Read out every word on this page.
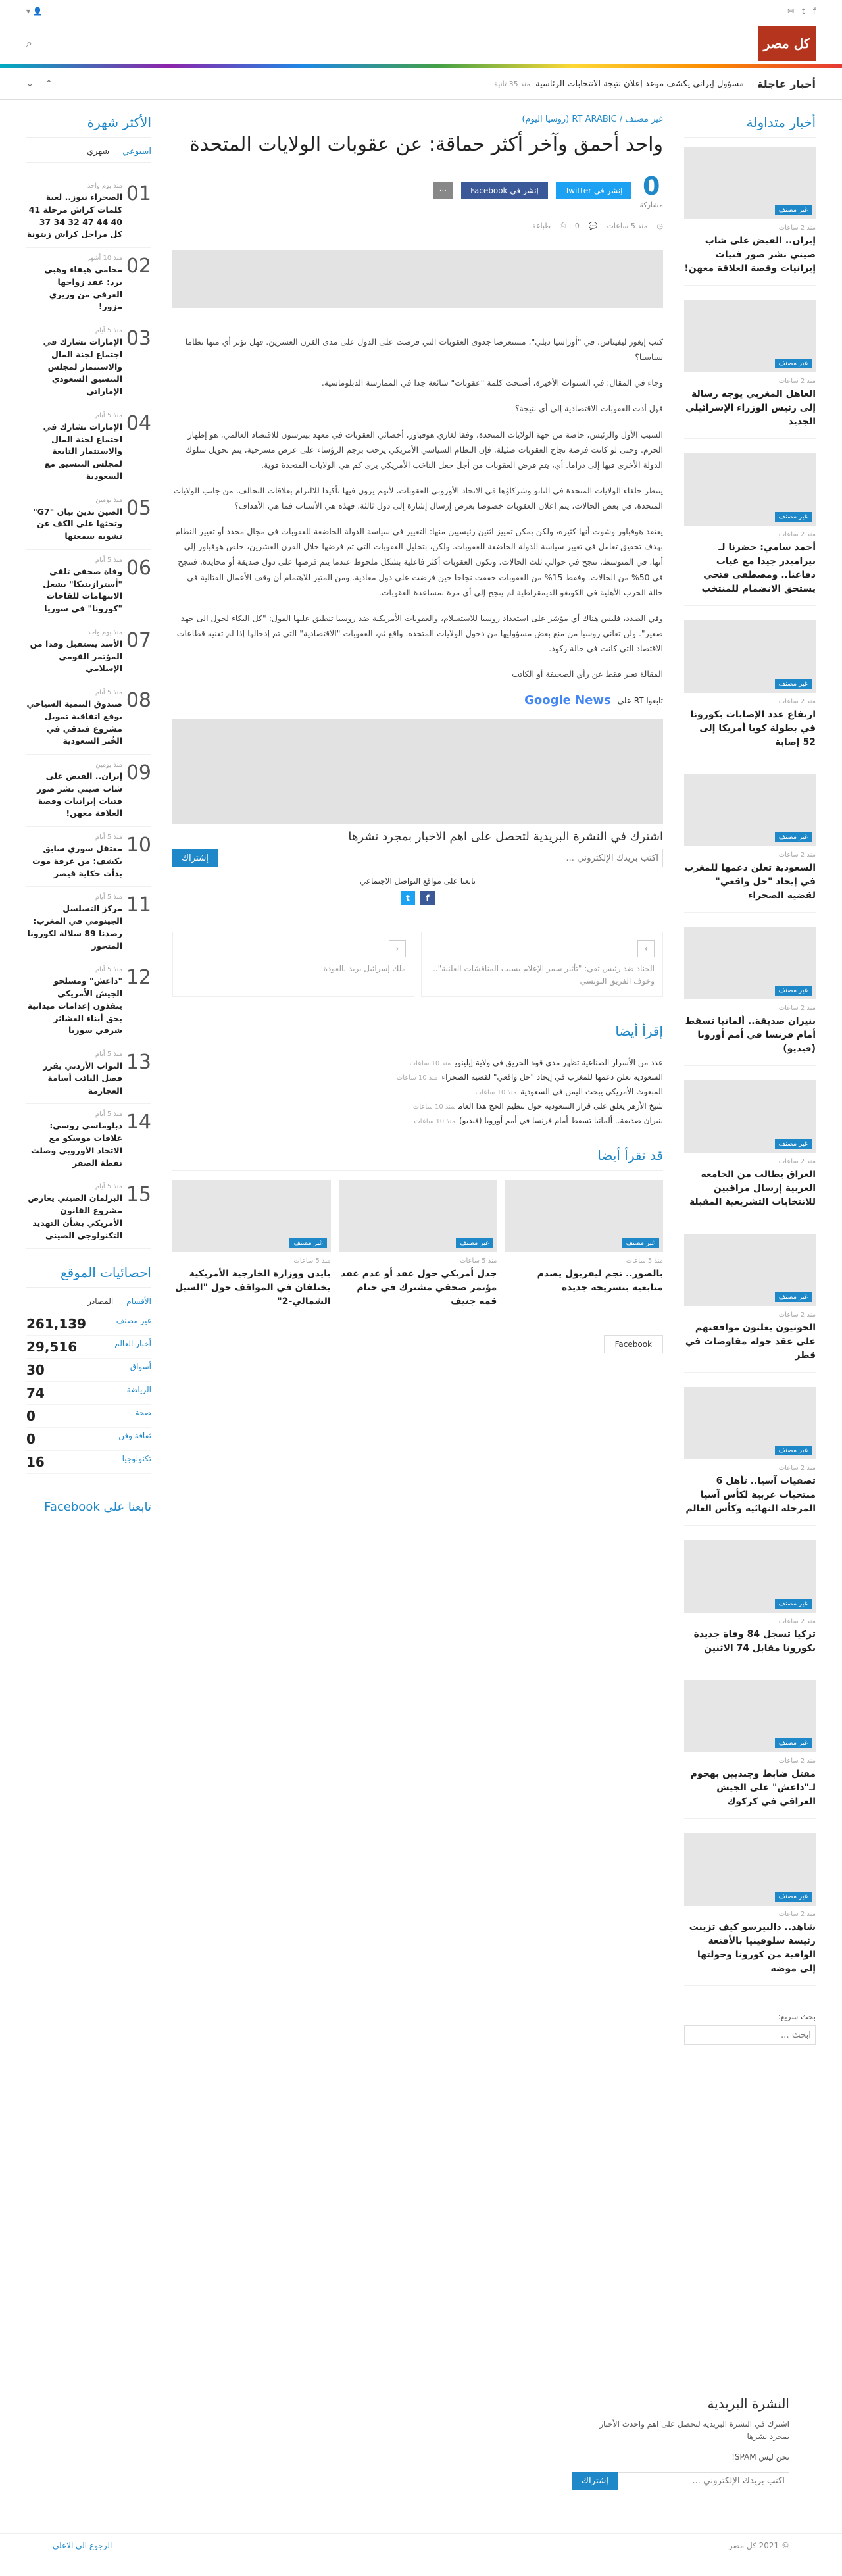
f
t
✉
👤 ▾
كل مصر
⌕
أخبار عاجلة
مسؤول إيراني يكشف موعد إعلان نتيجة الانتخابات الرئاسيةمنذ 35 ثانية
⌃
⌄
أخبار متداولة
غير مصنف
منذ 2 ساعات
إيران.. القبض على شاب صيني نشر صور فتيات إيرانيات وقصة العلاقة معهن!
غير مصنف
منذ 2 ساعات
العاهل المغربي يوجه رسالة إلى رئيس الوزراء الإسرائيلي الجديد
غير مصنف
منذ 2 ساعات
أحمد سامي: حضرنا لـ بيراميدز جيدا مع غياب دفاعنا.. ومصطفى فتحي يستحق الانضمام للمنتخب
غير مصنف
منذ 2 ساعات
ارتفاع عدد الإصابات بكورونا في بطولة كوبا أمريكا إلى 52 إصابة
غير مصنف
منذ 2 ساعات
السعودية تعلن دعمها للمغرب في إيجاد "حل واقعي" لقضية الصحراء
غير مصنف
منذ 2 ساعات
بنيران صديقة.. ألمانيا تسقط أمام فرنسا في أمم أوروبا (فيديو)
غير مصنف
منذ 2 ساعات
العراق يطالب من الجامعة العربية إرسال مراقبين للانتخابات التشريعية المقبلة
غير مصنف
منذ 2 ساعات
الحوثيون يعلنون موافقتهم على عقد جولة مفاوضات في قطر
غير مصنف
منذ 2 ساعات
تصفيات آسيا.. تأهل 6 منتخبات عربية لكأس آسيا المرحلة النهائية وكأس العالم
غير مصنف
منذ 2 ساعات
تركيا تسجل 84 وفاة جديدة بكورونا مقابل 74 الاثنين
غير مصنف
منذ 2 ساعات
مقتل ضابط وجنديين بهجوم لـ"داعش" على الجيش العراقي في كركوك
غير مصنف
منذ 2 ساعات
شاهد.. دالبيرسو كيف تزينت رئيسة سلوفينيا بالأقنعة الواقية من كورونا وحولتها إلى موضة
بحث سريع:
ابحث ...
غير مصنف / RT ARABIC (روسيا اليوم)
واحد أحمق وآخر أكثر حماقة: عن عقوبات الولايات المتحدة
0
مشاركة
إنشر في Twitter
إنشر في Facebook
···
◷
منذ 5 ساعات
💬
0
⎙
طباعة

كتب إيغور ليفيتاس، في "أوراسيا دبلي"، مستعرضا جدوى العقوبات التي فرضت على الدول على مدى القرن العشرين. فهل تؤثر أي منها نظاما سياسيا؟

وجاء في المقال: في السنوات الأخيرة، أصبحت كلمة "عقوبات" شائعة جدا في الممارسة الدبلوماسية.

فهل أدت العقوبات الاقتصادية إلى أي نتيجة؟

السبب الأول والرئيس، خاصة من جهة الولايات المتحدة، وفقا لغاري هوفباور، أخصائي العقوبات في معهد بيترسون للاقتصاد العالمي، هو إظهار الحزم. وحتى لو كانت فرصة نجاح العقوبات ضئيلة، فإن النظام السياسي الأمريكي يرحب برجم الرؤساء على عرض مسرحية، يتم تحويل سلوك الدولة الأخرى فيها إلى دراما. أي، يتم فرض العقوبات من أجل جعل الناخب الأمريكي يرى كم هي الولايات المتحدة قوية.

ينتظر حلفاء الولايات المتحدة في الناتو وشركاؤها في الاتحاد الأوروبي العقوبات، لأنهم يرون فيها تأكيدا للالتزام بعلاقات التحالف، من جانب الولايات المتحدة. في بعض الحالات، يتم اعلان العقوبات خصوصا بعرض إرسال إشارة إلى دول ثالثة. فهذه هي الأسباب فما هي الأهداف؟

يعتقد هوفباور وشوت أنها كثيرة، ولكن يمكن تمييز اثنين رئيسيين منها: التغيير في سياسة الدولة الخاضعة للعقوبات في مجال محدد أو تغيير النظام بهدف تحقيق تعامل في تغيير سياسة الدولة الخاضعة للعقوبات. ولكن، بتحليل العقوبات التي تم فرضها خلال القرن العشرين، خلص هوفباور إلى أنها، في المتوسط، تنجح في حوالي ثلث الحالات. وتكون العقوبات أكثر فاعلية بشكل ملحوظ عندما يتم فرضها على دول صديقة أو محايدة، فتنجح في 50% من الحالات. وفقط 15% من العقوبات حققت نجاحا حين فرضت على دول معادية. ومن المتبر للاهتمام أن وقف الأعمال القتالية في حالة الحرب الأهلية في الكونغو الديمقراطية لم ينجح إلى أي مرة بمساعدة العقوبات.

وفي الصدد، فليس هناك أي مؤشر على استعداد روسيا للاستسلام، والعقوبات الأمريكية ضد روسيا تنطبق عليها القول: "كل البكاء لحول الى جهد صغير". ولن تعاني روسيا من منع بعض مسؤوليها من دخول الولايات المتحدة. واقع ثم، العقوبات "الاقتصادية" التي تم إدخالها إذا لم تعنيه قطاعات الاقتصاد التي كانت في حالة ركود.

المقالة تعبر فقط عن رأي الصحيفة أو الكاتب

تابعوا RT على
Google News
اشترك في النشرة البريدية لتحصل على اهم الاخبار بمجرد نشرها
اكتب بريدك الإلكتروني ...
إشتراك
تابعنا على مواقع التواصل الاجتماعي
f
t
›
الجناد ضد رئيس تفي: "تأثير سمر الإعلام بسبب المناقشات العلنية".. وخوف الفريق التونسي
‹
ملك إسرائيل يريد بالعودة
إقرأ أيضا
عدد من الأسرار الصناعية تظهر مدى قوة الحريق في ولاية إيلينويمنذ 10 ساعات
السعودية تعلن دعمها للمغرب في إيجاد "حل واقعي" لقضية الصحراءمنذ 10 ساعات
المبعوث الأمريكي يبحث اليمن في السعوديةمنذ 10 ساعات
شيخ الأزهر يعلق على قرار السعودية حول تنظيم الحج هذا العاممنذ 10 ساعات
بنيران صديقة.. ألمانيا تسقط أمام فرنسا في أمم أوروبا (فيديو)منذ 10 ساعات
قد تقرأ أيضا
غير مصنف
منذ 5 ساعات
بالصور.. نجم ليفربول يصدم متابعيه بتسريحة جديدة
غير مصنف
منذ 5 ساعات
جدل أمريكي حول عقد أو عدم عقد مؤتمر صحفي مشترك في ختام قمة جنيف
غير مصنف
منذ 5 ساعات
بايدن ووزارة الخارجية الأمريكية يختلفان في المواقف حول "السيل الشمالي-2"
Facebook
الأكثر شهرة
اسبوعي
شهري
01
منذ يوم واحد
الصحراء نيوز.. لعبة كلمات كراش مرحلة 41 40 44 47 32 34 37 كل مراحل كراش زيتونة
02
منذ 10 أشهر
محامي هيفاء وهبي يرد: عقد زواجها العرفي من وزيري مزور!
03
منذ 5 أيام
الإمارات تشارك في اجتماع لجنة المال والاستثمار لمجلس التنسيق السعودي الإماراتي
04
منذ 5 أيام
الإمارات تشارك في اجتماع لجنة المال والاستثمار التابعة لمجلس التنسيق مع السعودية
05
منذ يومين
الصين تدين بيان "G7" وتحثها على الكف عن تشويه سمعتها
06
منذ 5 أيام
وفاة صحفي تلقى "أسترازينيكا" يشعل الانتهامات للقاحات "كورونا" في سوريا
07
منذ يوم واحد
الأسد يستقبل وفدا من المؤتمر القومي الإسلامي
08
منذ 5 أيام
صندوق التنمية السياحي يوقع اتفاقية تمويل مشروع فندقي في الخُبر السعودية
09
منذ يومين
إيران.. القبض على شاب صيني نشر صور فتيات إيرانيات وقصة العلاقة معهن!
10
منذ 5 أيام
معتقل سوري سابق يكشف: من غرفة موت بدأت حكاية قيصر
11
منذ 5 أيام
مركز التسلسل الجينومي في المغرب: رصدنا 89 سلالة لكورونا المتحور
12
منذ 5 أيام
"داعش" ومسلحو الجيش الأمريكي ينفذون إعدامات ميدانية بحق أبناء العشائر شرقي سوريا
13
منذ 5 أيام
النواب الأردني يقرر فصل النائب أسامة العجارمة
14
منذ 5 أيام
دبلوماسي روسي: علاقات موسكو مع الاتحاد الأوروبي وصلت نقطة الصفر
15
منذ 5 أيام
البرلمان الصيني يعارض مشروع القانون الأمريكي بشأن التهديد التكنولوجي الصيني
احصائيات الموقع
الأقسام
المصادر
غير مصنف
261,139
أخبار العالم
29,516
أسواق
30
الرياضة
74
صحة
0
ثقافة وفن
0
تكنولوجيا
16
تابعنا على Facebook
النشرة البريدية

اشترك في النشرة البريدية لتحصل على اهم واحدث الأخبار بمجرد نشرها

نحن ليس SPAM!

اكتب بريدك الإلكتروني ...
إشتراك
© 2021 كل مصر
الرجوع الى الاعلى
